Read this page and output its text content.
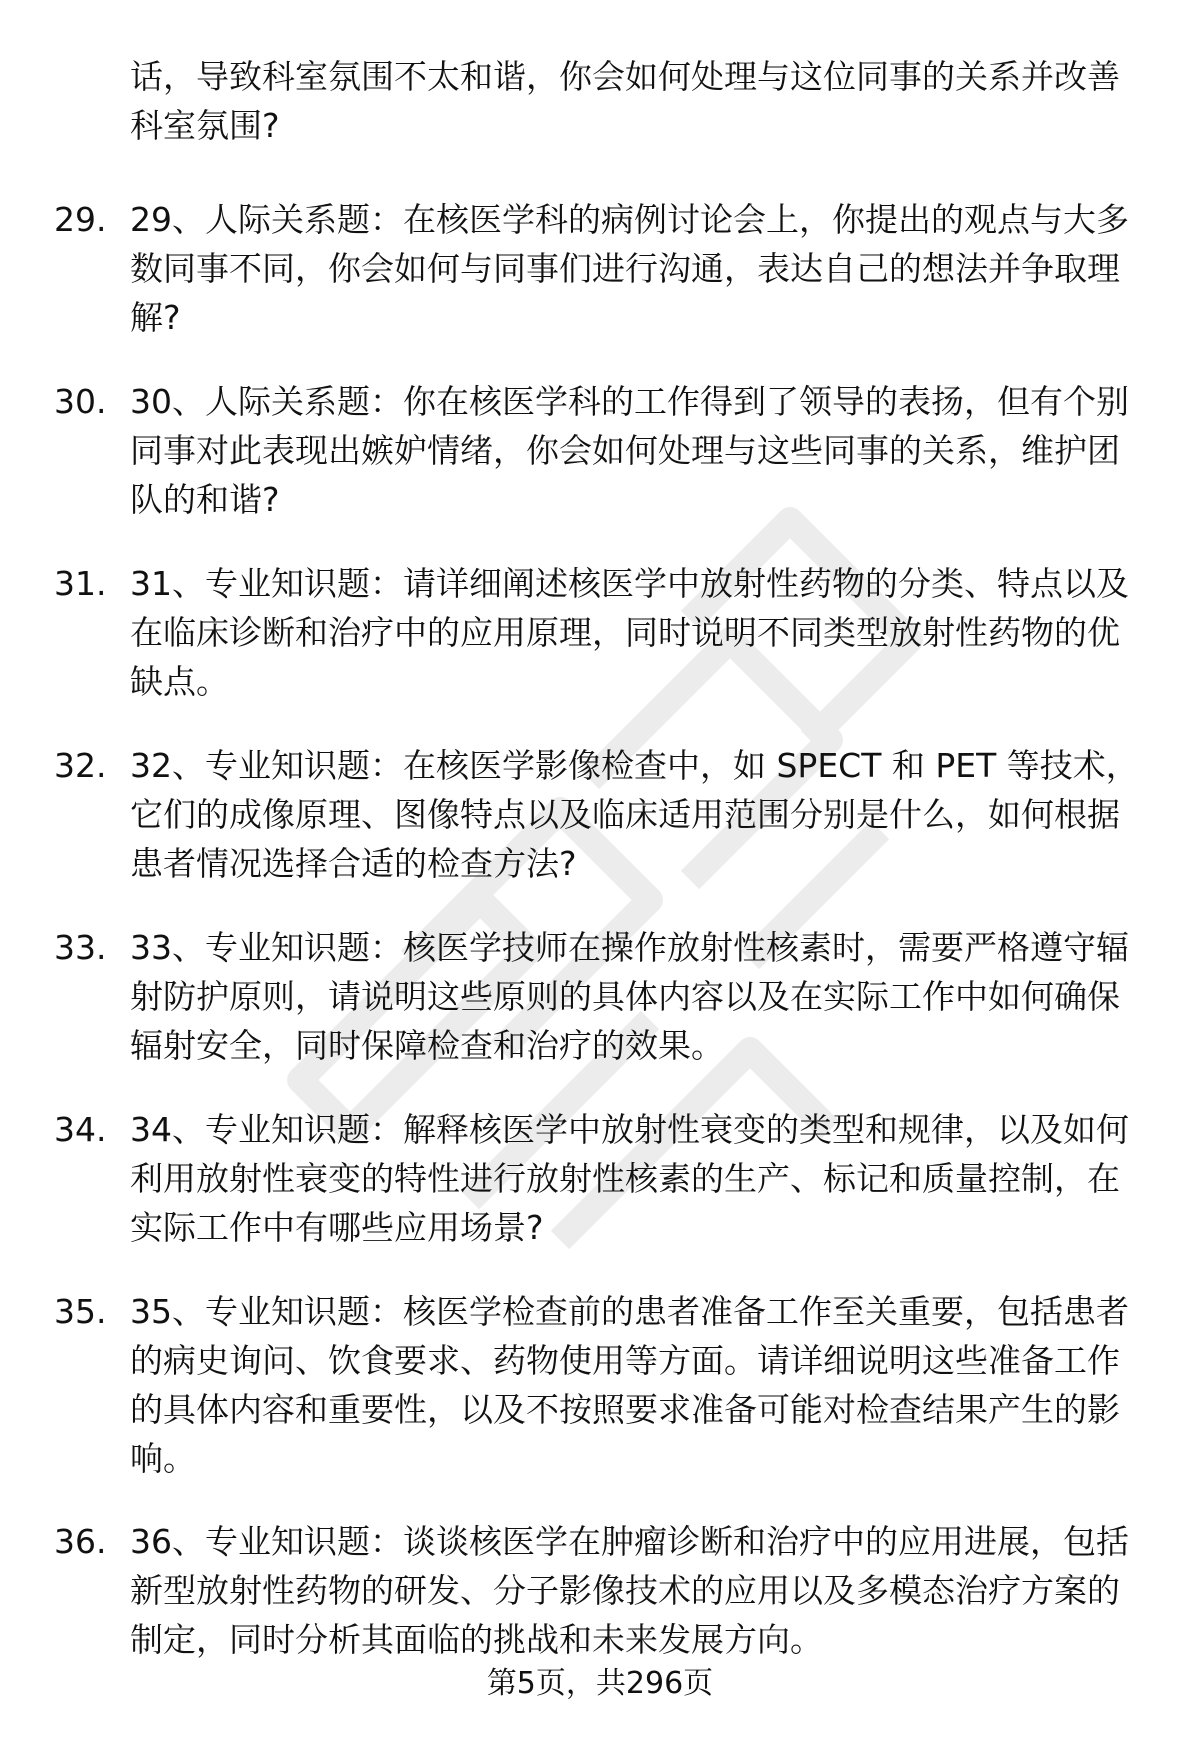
话，导致科室氛围不太和谐，你会如何处理与这位同事的关系并改善科室氛围?
29. 29、人际关系题：在核医学科的病例讨论会上，你提出的观点与大多数同事不同，你会如何与同事们进行沟通，表达自己的想法并争取理解?
30. 30、人际关系题：你在核医学科的工作得到了领导的表扬，但有个别同事对此表现出嫉妒情绪，你会如何处理与这些同事的关系，维护团队的和谐?
31. 31、专业知识题：请详细阐述核医学中放射性药物的分类、特点以及在临床诊断和治疗中的应用原理，同时说明不同类型放射性药物的优缺点。
32. 32、专业知识题：在核医学影像检查中，如 SPECT 和 PET 等技术，它们的成像原理、图像特点以及临床适用范围分别是什么，如何根据患者情况选择合适的检查方法?
33. 33、专业知识题：核医学技师在操作放射性核素时，需要严格遵守辐射防护原则，请说明这些原则的具体内容以及在实际工作中如何确保辐射安全，同时保障检查和治疗的效果。
34. 34、专业知识题：解释核医学中放射性衰变的类型和规律，以及如何利用放射性衰变的特性进行放射性核素的生产、标记和质量控制，在实际工作中有哪些应用场景?
35. 35、专业知识题：核医学检查前的患者准备工作至关重要，包括患者的病史询问、饮食要求、药物使用等方面。请详细说明这些准备工作的具体内容和重要性，以及不按照要求准备可能对检查结果产生的影响。
36. 36、专业知识题：谈谈核医学在肿瘤诊断和治疗中的应用进展，包括新型放射性药物的研发、分子影像技术的应用以及多模态治疗方案的制定，同时分析其面临的挑战和未来发展方向。
第5页，共296页
